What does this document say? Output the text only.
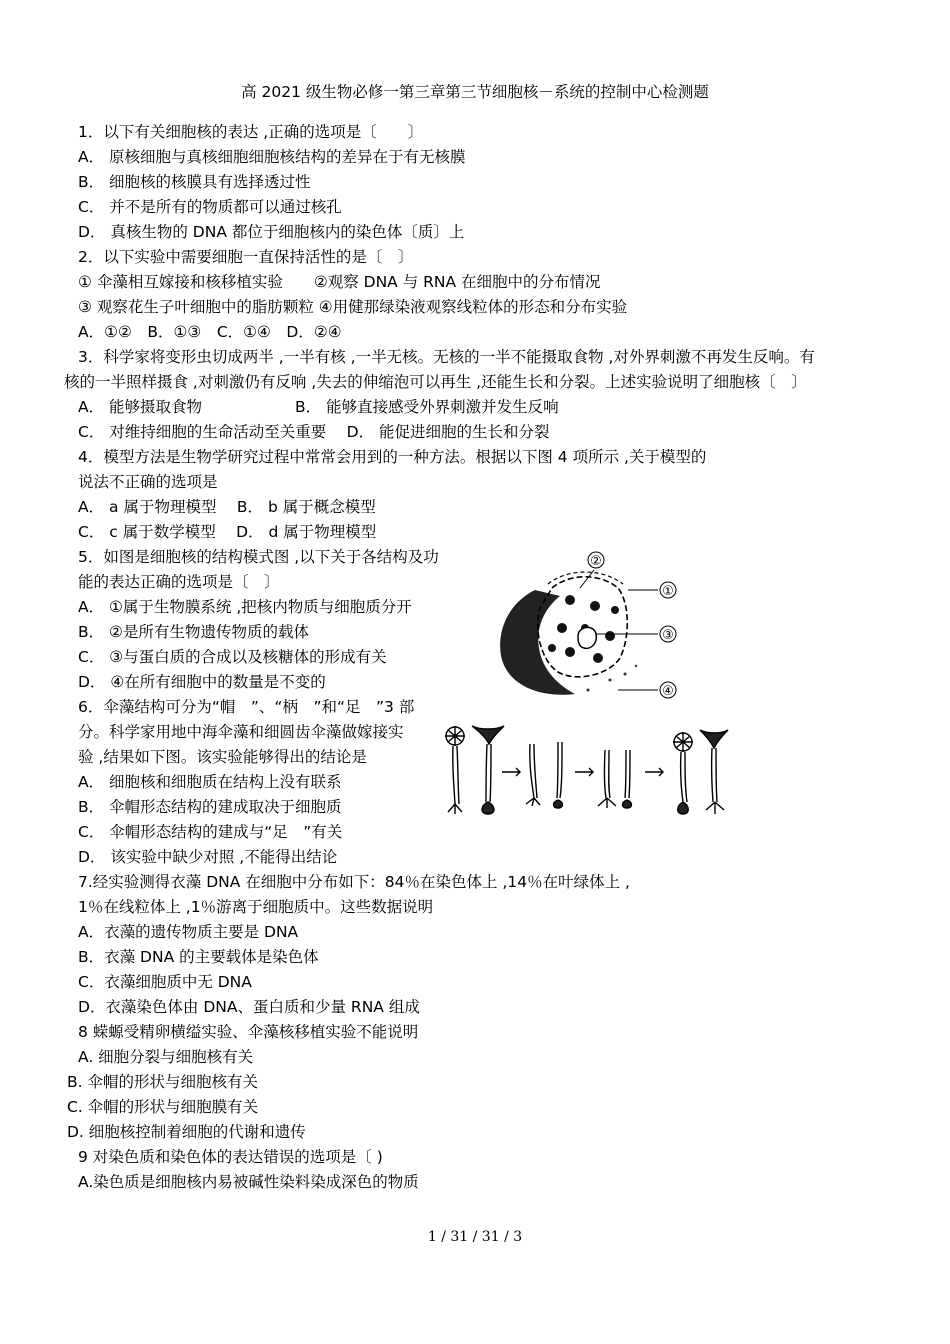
高 2021 级生物必修一第三章第三节细胞核－系统的控制中心检测题
1．以下有关细胞核的表达 ,正确的选项是〔　　〕
A． 原核细胞与真核细胞细胞核结构的差异在于有无核膜
B． 细胞核的核膜具有选择透过性
C． 并不是所有的物质都可以通过核孔
D． 真核生物的 DNA 都位于细胞核内的染色体〔质〕上
2．以下实验中需要细胞一直保持活性的是〔　〕
① 伞藻相互嫁接和核移植实验　　②观察 DNA 与 RNA 在细胞中的分布情况
③ 观察花生子叶细胞中的脂肪颗粒 ④用健那绿染液观察线粒体的形态和分布实验
A．①②　B．①③　C．①④　D．②④
3．科学家将变形虫切成两半 ,一半有核 ,一半无核。无核的一半不能摄取食物 ,对外界刺激不再发生反响。有
核的一半照样摄食 ,对刺激仍有反响 ,失去的伸缩泡可以再生 ,还能生长和分裂。上述实验说明了细胞核〔　〕
A． 能够摄取食物　　　　　　B． 能够直接感受外界刺激并发生反响
C． 对维持细胞的生命活动至关重要　 D． 能促进细胞的生长和分裂
4．模型方法是生物学研究过程中常常会用到的一种方法。根据以下图 4 项所示 ,关于模型的
说法不正确的选项是
A． a 属于物理模型　 B． b 属于概念模型
C． c 属于数学模型　 D． d 属于物理模型
5．如图是细胞核的结构模式图 ,以下关于各结构及功
能的表达正确的选项是〔　〕
A． ①属于生物膜系统 ,把核内物质与细胞质分开
B． ②是所有生物遗传物质的载体
C． ③与蛋白质的合成以及核糖体的形成有关
D． ④在所有细胞中的数量是不变的
6．伞藻结构可分为“帽　”、“柄　”和“足　”3 部
分。科学家用地中海伞藻和细圆齿伞藻做嫁接实
验 ,结果如下图。该实验能够得出的结论是
A． 细胞核和细胞质在结构上没有联系
B． 伞帽形态结构的建成取决于细胞质
C． 伞帽形态结构的建成与“足　”有关
D． 该实验中缺少对照 ,不能得出结论
7.经实验测得衣藻 DNA 在细胞中分布如下：84％在染色体上 ,14％在叶绿体上 ,
1％在线粒体上 ,1％游离于细胞质中。这些数据说明
A．衣藻的遗传物质主要是 DNA
B．衣藻 DNA 的主要载体是染色体
C．衣藻细胞质中无 DNA
D．衣藻染色体由 DNA、蛋白质和少量 RNA 组成
8 蝾螈受精卵横缢实验、伞藻核移植实验不能说明
A. 细胞分裂与细胞核有关
B. 伞帽的形状与细胞核有关
C. 伞帽的形状与细胞膜有关
D. 细胞核控制着细胞的代谢和遗传
9 对染色质和染色体的表达错误的选项是〔 )
A.染色质是细胞核内易被碱性染料染成深色的物质
②
①
③
④
1 / 31 / 31 / 3
